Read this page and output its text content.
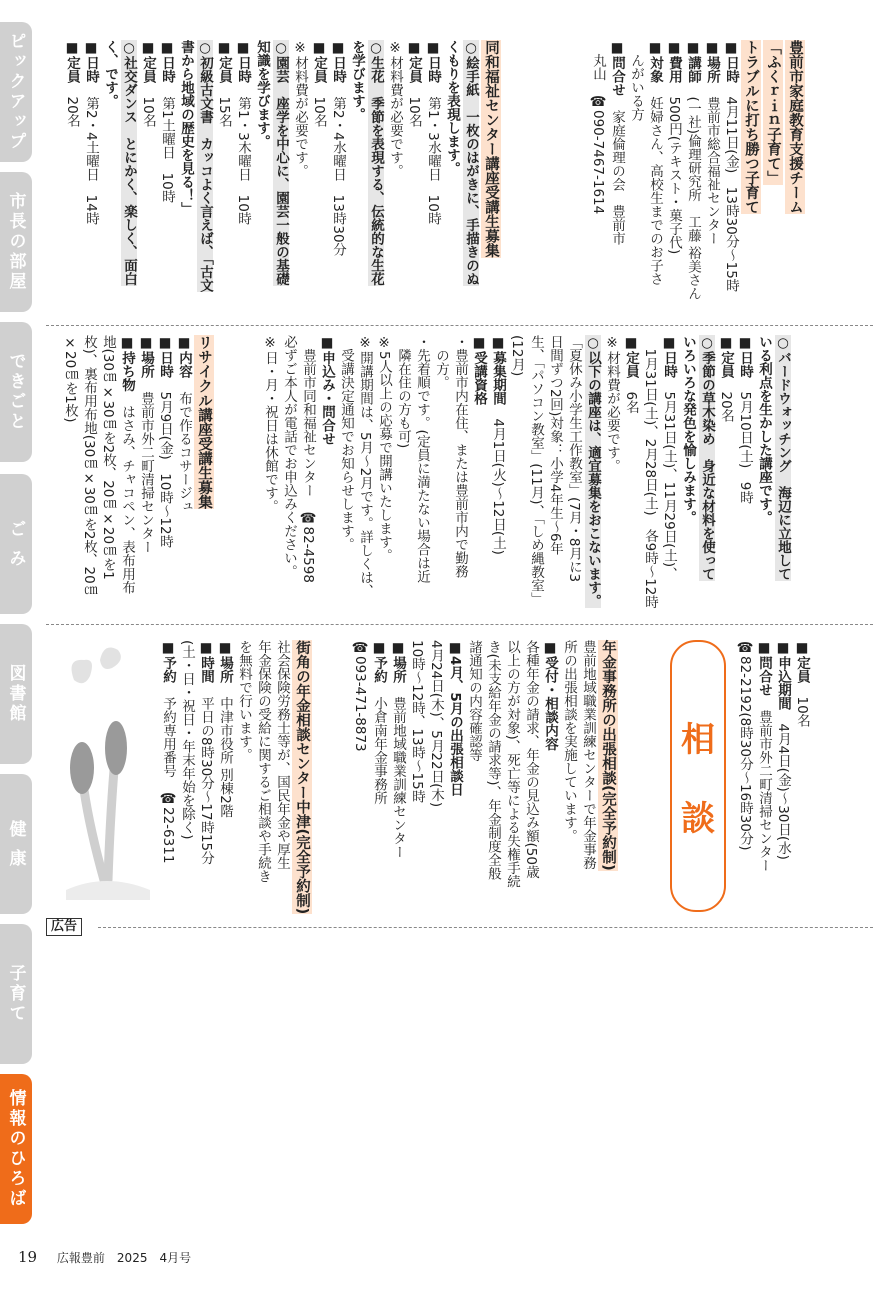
ピックアップ
市長の部屋
できごと
ご み
図書館
健 康
子育て
情報のひろば
豊前市家庭教育支援チーム
「ふくｒｉｎ子育て」
トラブルに打ち勝つ子育て
■日時　4月11日(金)　13時30分～15時
■場所　豊前市総合福祉センター
■講師　(一社)倫理研究所　工藤 裕美さん
■費用　500円(テキスト・菓子代)
■対象　妊婦さん、高校生までのお子さ
　んがいる方
■問合せ　家庭倫理の会　豊前市
　丸山　☎090-7467-1614
同和福祉センター講座受講生募集
○絵手紙　一枚のはがきに、手描きのぬ
くもりを表現します。
■日時　第1・3水曜日　10時
■定員　10名
※材料費が必要です。
○生花　季節を表現する、伝統的な生花
を学びます。
■日時　第2・4水曜日　13時30分
■定員　10名
※材料費が必要です。
○園芸　座学を中心に、園芸一般の基礎
知識を学びます。
■日時　第1・3木曜日　10時
■定員　15名
○初級古文書　カッコよく言えば、「古文
書から地域の歴史を見る！」
■日時　第1土曜日　10時
■定員　10名
○社交ダンス　とにかく、楽しく、面白
く、です。
■日時　第2・4土曜日　14時
■定員　20名
○バードウォッチング　海辺に立地して
いる利点を生かした講座です。
■日時　5月10日(土)　9時
■定員　20名
○季節の草木染め　身近な材料を使って
いろいろな発色を愉しみます。
■日時　5月31日(土)、11月29日(土)、
　1月31日(土)、2月28日(土)　各9時～12時
■定員　6名
※材料費が必要です。
○以下の講座は、適宜募集をおこないます。
「夏休み小学生工作教室」(7月・8月に3
日間ずつ2回)対象：小学4年生～6年
生、「パソコン教室」(11月)、「しめ縄教室」
(12月)
■募集期間　4月1日(火)～12日(土)
■受講資格
・豊前市内在住、または豊前市内で勤務
　の方。
・先着順です。(定員に満たない場合は近
　隣在住の方も可)
※5人以上の応募で開講いたします。
※開講期間は、5月～2月です。詳しくは、
　受講決定通知でお知らせします。
■申込み・問合せ
　豊前市同和福祉センター　☎82-4598
必ずご本人が電話でお申込みください。
※日・月・祝日は休館です。
リサイクル講座受講生募集
■内容　布で作るコサージュ
■日時　5月9日(金)　10時～12時
■場所　豊前市外二町清掃センター
■持ち物　はさみ、チャコペン、表布用布
地(30㎝×30㎝を2枚、20㎝×20㎝を1
枚)、裏布用布地(30㎝×30㎝を2枚、20㎝
×20㎝を1枚)
■定員　10名
■申込期間　4月4日(金)～30日(水)
■問合せ　豊前市外二町清掃センター
☎82-2192(8時30分～16時30分)
相
談
年金事務所の出張相談(完全予約制)
豊前地域職業訓練センターで年金事務
所の出張相談を実施しています。
■受付・相談内容
各種年金の請求、年金の見込み額(50歳
以上の方が対象)、死亡等による失権手続
き(未支給年金の請求等)、年金制度全般
諸通知の内容確認等
■4月、5月の出張相談日
4月24日(木)、5月22日(木)
10時～12時、13時～15時
■場所　豊前地域職業訓練センター
■予約　小倉南年金事務所
☎093-471-8873
街角の年金相談センター中津(完全予約制)
社会保険労務士等が、国民年金や厚生
年金保険の受給に関するご相談や手続き
を無料で行います。
■場所　中津市役所 別棟2階
■時間　平日の8時30分～17時15分
(土・日・祝日・年末年始を除く)
■予約　予約専用番号　☎22-6311
広告
19 広報豊前　2025　4月号
